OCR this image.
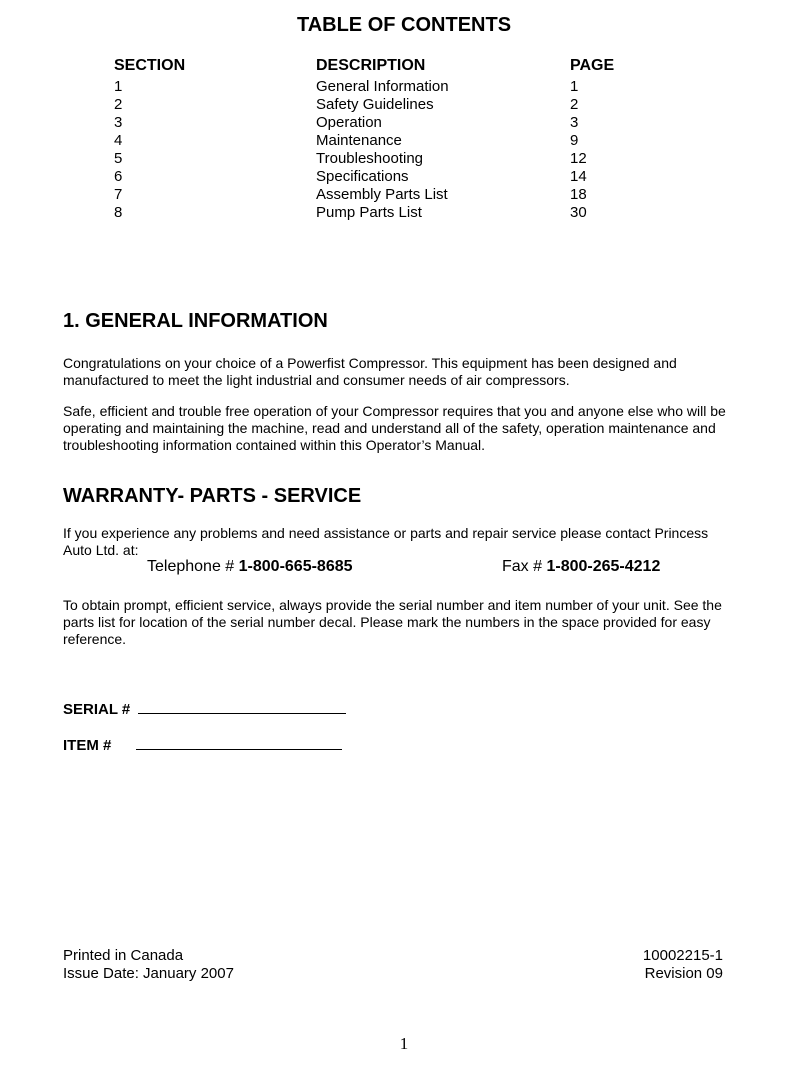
TABLE OF CONTENTS
SECTION	DESCRIPTION	PAGE
1	General Information	1
2	Safety Guidelines	2
3	Operation	3
4	Maintenance	9
5	Troubleshooting	12
6	Specifications	14
7	Assembly Parts List	18
8	Pump Parts List	30
1. GENERAL INFORMATION
Congratulations on your choice of a Powerfist Compressor. This equipment has been designed and manufactured to meet the light industrial and consumer needs of air compressors.
Safe, efficient and trouble free operation of your Compressor requires that you and anyone else who will be operating and maintaining the machine, read and understand all of the safety, operation maintenance and troubleshooting information contained within this Operator’s Manual.
WARRANTY- PARTS - SERVICE
If you experience any problems and need assistance or parts and repair service please contact Princess Auto Ltd. at:
Telephone # 1-800-665-8685	Fax # 1-800-265-4212
To obtain prompt, efficient service, always provide the serial number and item number of your unit. See the parts list for location of the serial number decal. Please mark the numbers in the space provided for easy reference.
SERIAL #
ITEM #
Printed in Canada
Issue Date: January 2007
10002215-1
Revision 09
1
